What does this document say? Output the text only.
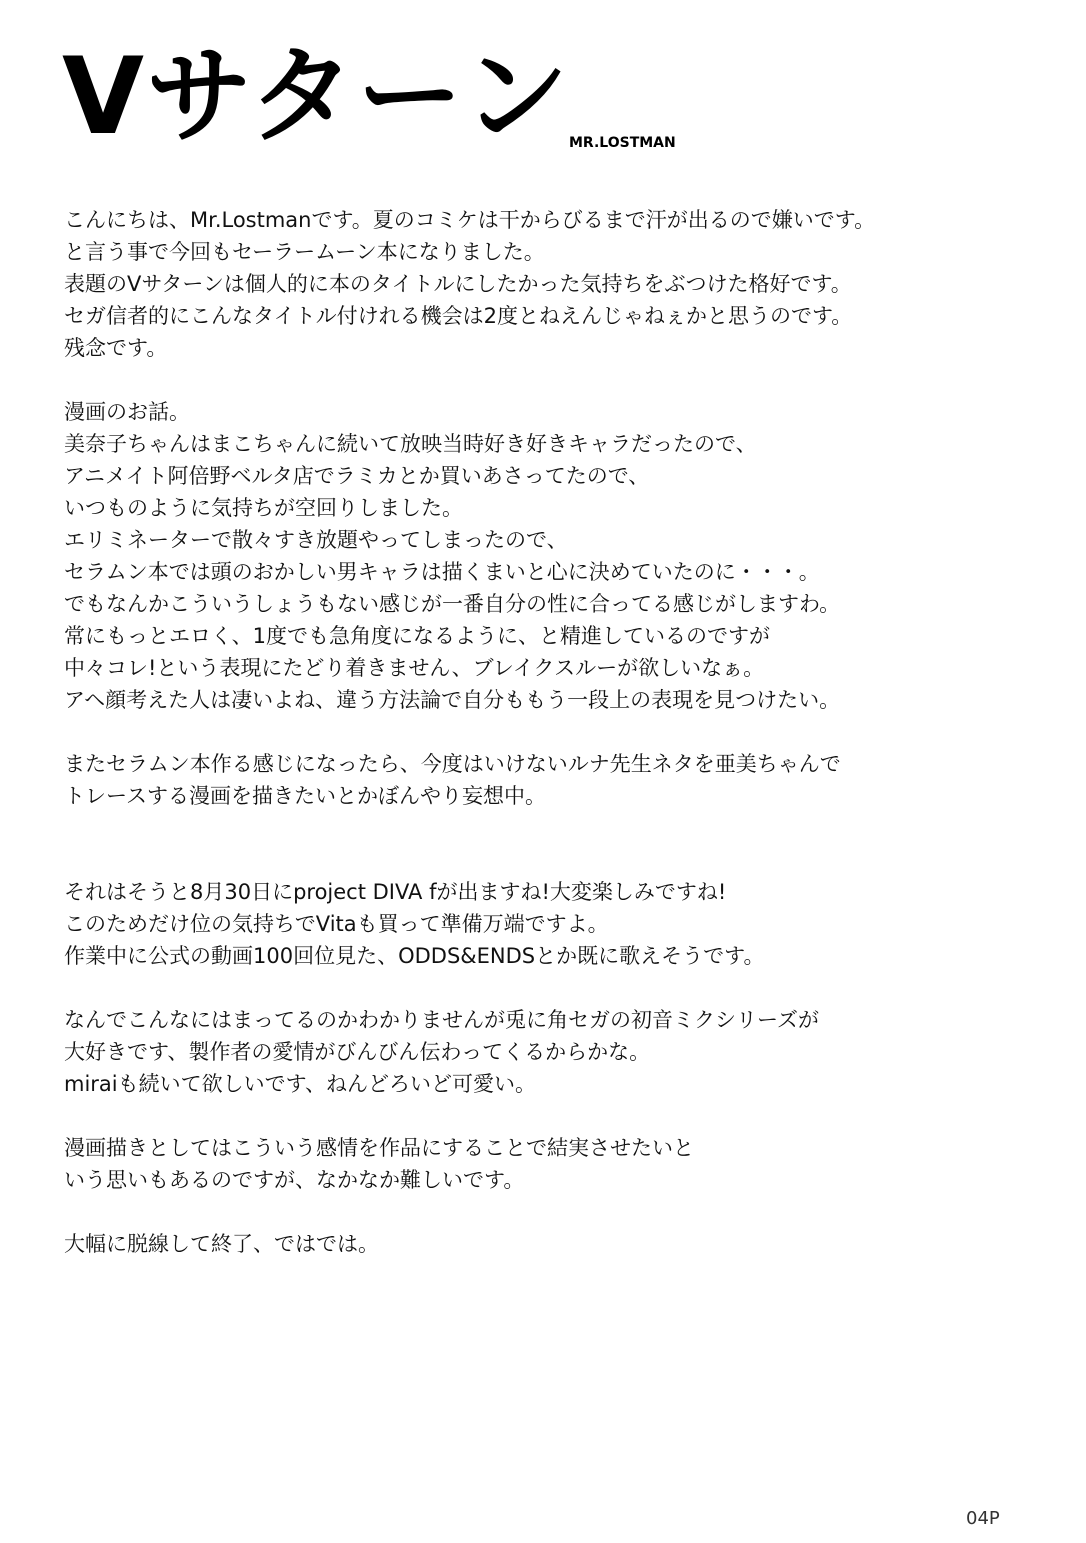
Vサターン
MR.LOSTMAN
こんにちは、Mr.Lostmanです。夏のコミケは干からびるまで汗が出るので嫌いです。
と言う事で今回もセーラームーン本になりました。
表題のVサターンは個人的に本のタイトルにしたかった気持ちをぶつけた格好です。
セガ信者的にこんなタイトル付けれる機会は2度とねえんじゃねぇかと思うのです。
残念です。
漫画のお話。
美奈子ちゃんはまこちゃんに続いて放映当時好き好きキャラだったので、
アニメイト阿倍野ベルタ店でラミカとか買いあさってたので、
いつものように気持ちが空回りしました。
エリミネーターで散々すき放題やってしまったので、
セラムン本では頭のおかしい男キャラは描くまいと心に決めていたのに・・・。
でもなんかこういうしょうもない感じが一番自分の性に合ってる感じがしますわ。
常にもっとエロく、1度でも急角度になるように、と精進しているのですが
中々コレ!という表現にたどり着きません、ブレイクスルーが欲しいなぁ。
アヘ顔考えた人は凄いよね、違う方法論で自分ももう一段上の表現を見つけたい。
またセラムン本作る感じになったら、今度はいけないルナ先生ネタを亜美ちゃんで
トレースする漫画を描きたいとかぼんやり妄想中。
それはそうと8月30日にproject DIVA fが出ますね!大変楽しみですね!
このためだけ位の気持ちでVitaも買って準備万端ですよ。
作業中に公式の動画100回位見た、ODDS&ENDSとか既に歌えそうです。
なんでこんなにはまってるのかわかりませんが兎に角セガの初音ミクシリーズが
大好きです、製作者の愛情がびんびん伝わってくるからかな。
miraiも続いて欲しいです、ねんどろいど可愛い。
漫画描きとしてはこういう感情を作品にすることで結実させたいと
いう思いもあるのですが、なかなか難しいです。
大幅に脱線して終了、ではでは。
04P
